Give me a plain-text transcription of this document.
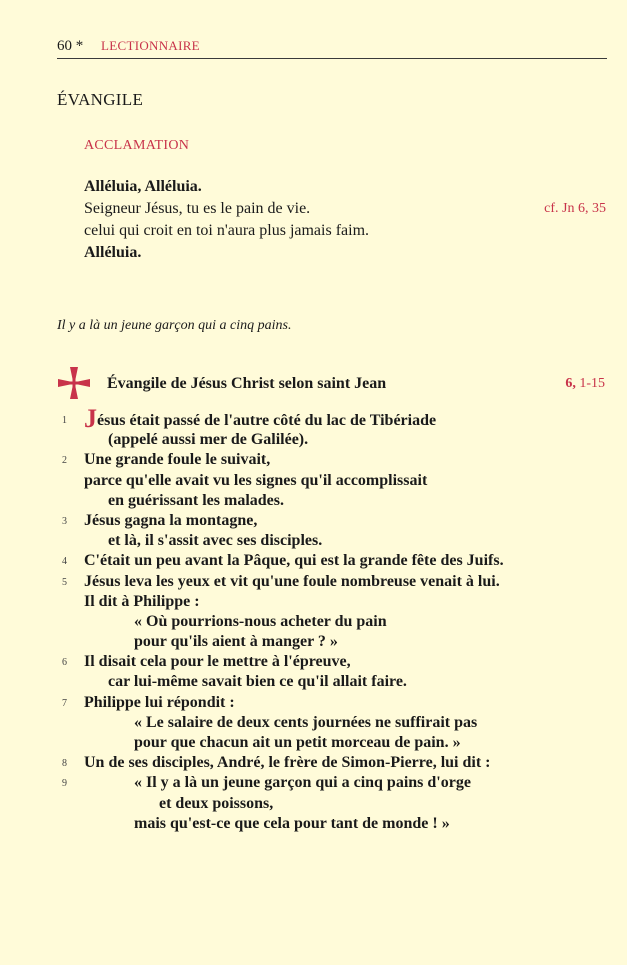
60 * LECTIONNAIRE
ÉVANGILE
ACCLAMATION
Alléluia, Alléluia.
Seigneur Jésus, tu es le pain de vie.	cf. Jn 6, 35
celui qui croit en toi n'aura plus jamais faim.
Alléluia.
Il y a là un jeune garçon qui a cinq pains.
Évangile de Jésus Christ selon saint Jean	6, 1-15
1 Jésus était passé de l'autre côté du lac de Tibériade
(appelé aussi mer de Galilée).
2 Une grande foule le suivait,
parce qu'elle avait vu les signes qu'il accomplissait
en guérissant les malades.
3 Jésus gagna la montagne,
et là, il s'assit avec ses disciples.
4 C'était un peu avant la Pâque, qui est la grande fête des Juifs.
5 Jésus leva les yeux et vit qu'une foule nombreuse venait à lui.
Il dit à Philippe :
« Où pourrions-nous acheter du pain
pour qu'ils aient à manger ? »
6 Il disait cela pour le mettre à l'épreuve,
car lui-même savait bien ce qu'il allait faire.
7 Philippe lui répondit :
« Le salaire de deux cents journées ne suffirait pas
pour que chacun ait un petit morceau de pain. »
8 Un de ses disciples, André, le frère de Simon-Pierre, lui dit :
9	« Il y a là un jeune garçon qui a cinq pains d'orge
et deux poissons,
mais qu'est-ce que cela pour tant de monde ! »
